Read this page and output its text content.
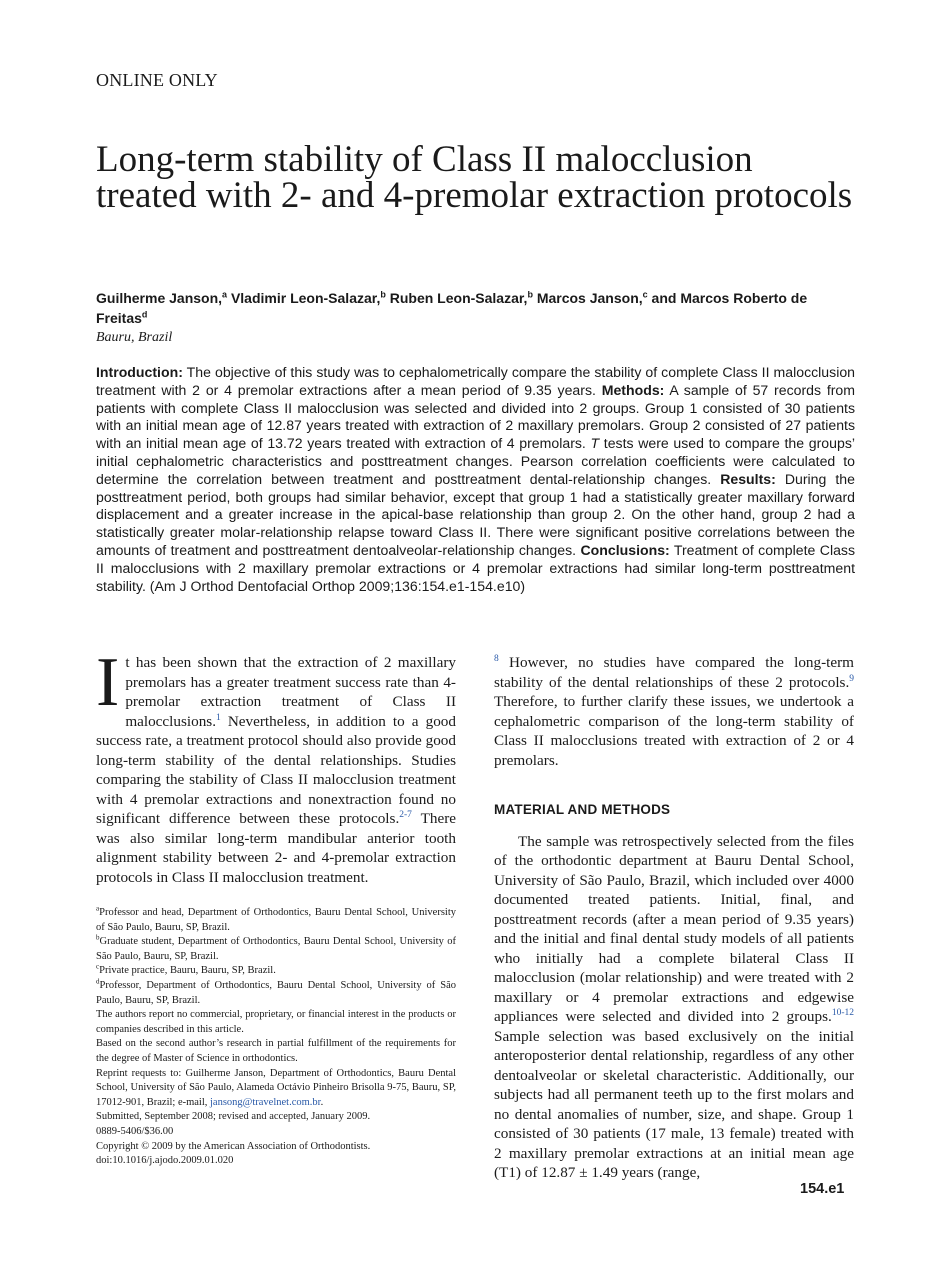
ONLINE ONLY
Long-term stability of Class II malocclusion treated with 2- and 4-premolar extraction protocols
Guilherme Janson,$^a$ Vladimir Leon-Salazar,$^b$ Ruben Leon-Salazar,$^b$ Marcos Janson,$^c$ and Marcos Roberto de Freitas$^d$
Bauru, Brazil

Introduction: The objective of this study was to cephalometrically compare the stability of complete Class II malocclusion treatment with 2 or 4 premolar extractions after a mean period of 9.35 years. Methods: A sample of 57 records from patients with complete Class II malocclusion was selected and divided into 2 groups. Group 1 consisted of 30 patients with an initial mean age of 12.87 years treated with extraction of 2 maxillary premolars. Group 2 consisted of 27 patients with an initial mean age of 13.72 years treated with extraction of 4 premolars. T tests were used to compare the groups’ initial cephalometric characteristics and posttreatment changes. Pearson correlation coefficients were calculated to determine the correlation between treatment and posttreatment dental-relationship changes. Results: During the posttreatment period, both groups had similar behavior, except that group 1 had a statistically greater maxillary forward displacement and a greater increase in the apical-base relationship than group 2. On the other hand, group 2 had a statistically greater molar-relationship relapse toward Class II. There were significant positive correlations between the amounts of treatment and posttreatment dentoalveolar-relationship changes. Conclusions: Treatment of complete Class II malocclusions with 2 maxillary premolar extractions or 4 premolar extractions had similar long-term posttreatment stability. (Am J Orthod Dentofacial Orthop 2009;136:154.e1-154.e10)

It has been shown that the extraction of 2 maxillary premolars has a greater treatment success rate than 4-premolar extraction treatment of Class II malocclusions.$^1$ Nevertheless, in addition to a good success rate, a treatment protocol should also provide good long-term stability of the dental relationships. Studies comparing the stability of Class II malocclusion treatment with 4 premolar extractions and nonextraction found no significant difference between these protocols.$^{2-7}$ There was also similar long-term mandibular anterior tooth alignment stability between 2- and 4-premolar extraction protocols in Class II malocclusion treatment.

$^a$Professor and head, Department of Orthodontics, Bauru Dental School, University of São Paulo, Bauru, SP, Brazil.

$^b$Graduate student, Department of Orthodontics, Bauru Dental School, University of São Paulo, Bauru, SP, Brazil.

$^c$Private practice, Bauru, Bauru, SP, Brazil.

$^d$Professor, Department of Orthodontics, Bauru Dental School, University of São Paulo, Bauru, SP, Brazil.

The authors report no commercial, proprietary, or financial interest in the products or companies described in this article.

Based on the second author’s research in partial fulfillment of the requirements for the degree of Master of Science in orthodontics.

Reprint requests to: Guilherme Janson, Department of Orthodontics, Bauru Dental School, University of São Paulo, Alameda Octávio Pinheiro Brisolla 9-75, Bauru, SP, 17012-901, Brazil; e-mail, jansong@travelnet.com.br.

Submitted, September 2008; revised and accepted, January 2009.

0889-5406/$36.00

Copyright © 2009 by the American Association of Orthodontists.

doi:10.1016/j.ajodo.2009.01.020

$^8$ However, no studies have compared the long-term stability of the dental relationships of these 2 protocols.$^9$ Therefore, to further clarify these issues, we undertook a cephalometric comparison of the long-term stability of Class II malocclusions treated with extraction of 2 or 4 premolars.

MATERIAL AND METHODS

The sample was retrospectively selected from the files of the orthodontic department at Bauru Dental School, University of São Paulo, Brazil, which included over 4000 documented treated patients. Initial, final, and posttreatment records (after a mean period of 9.35 years) and the initial and final dental study models of all patients who initially had a complete bilateral Class II malocclusion (molar relationship) and were treated with 2 maxillary or 4 premolar extractions and edgewise appliances were selected and divided into 2 groups.$^{10-12}$ Sample selection was based exclusively on the initial anteroposterior dental relationship, regardless of any other dentoalveolar or skeletal characteristic. Additionally, our subjects had all permanent teeth up to the first molars and no dental anomalies of number, size, and shape. Group 1 consisted of 30 patients (17 male, 13 female) treated with 2 maxillary premolar extractions at an initial mean age (T1) of 12.87 ± 1.49 years (range,

154.e1
